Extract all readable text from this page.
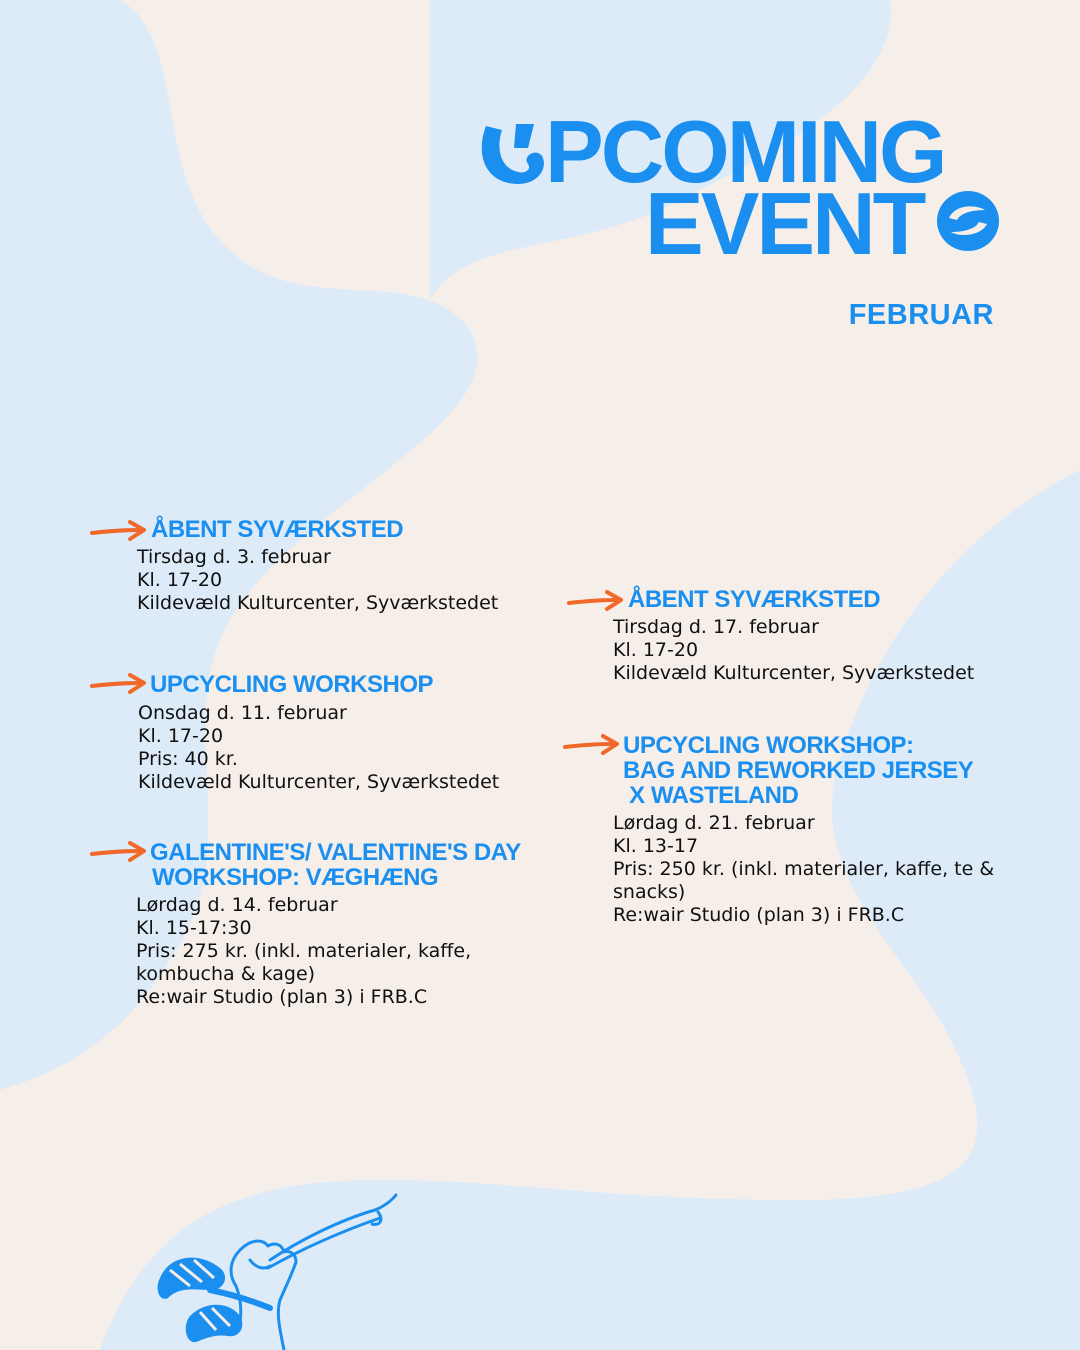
PCOMING
EVENT
FEBRUAR
ÅBENT SYVÆRKSTED
Tirsdag d. 3. februar
Kl. 17-20
Kildevæld Kulturcenter, Syværkstedet
UPCYCLING WORKSHOP
Onsdag d. 11. februar
Kl. 17-20
Pris: 40 kr.
Kildevæld Kulturcenter, Syværkstedet
GALENTINE'S/ VALENTINE'S DAY
WORKSHOP: VÆGHÆNG
Lørdag d. 14. februar
Kl. 15-17:30
Pris: 275 kr. (inkl. materialer, kaffe,
kombucha & kage)
Re:wair Studio (plan 3) i FRB.C
ÅBENT SYVÆRKSTED
Tirsdag d. 17. februar
Kl. 17-20
Kildevæld Kulturcenter, Syværkstedet
UPCYCLING WORKSHOP:
BAG AND REWORKED JERSEY
X WASTELAND
Lørdag d. 21. februar
Kl. 13-17
Pris: 250 kr. (inkl. materialer, kaffe, te &
snacks)
Re:wair Studio (plan 3) i FRB.C
